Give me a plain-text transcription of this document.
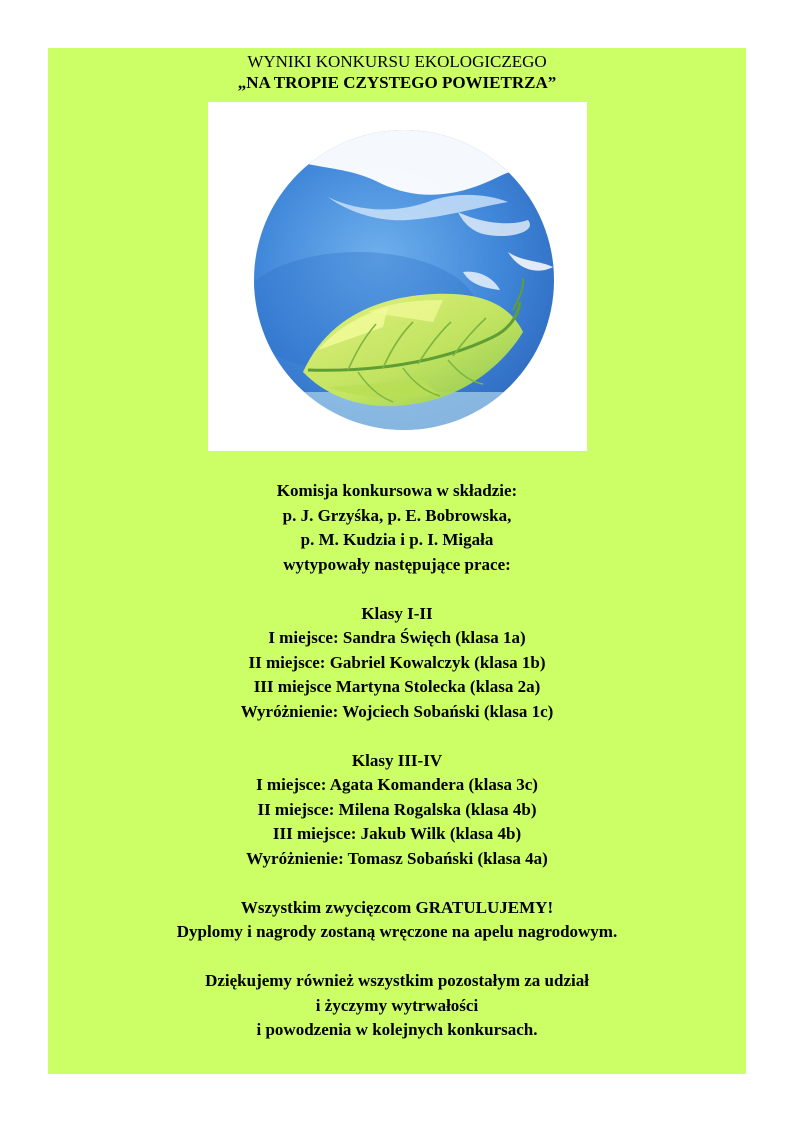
WYNIKI KONKURSU EKOLOGICZEGO
„NA TROPIE CZYSTEGO POWIETRZA”
Komisja konkursowa w składzie:
p. J. Grzyśka, p. E. Bobrowska,
p. M. Kudzia i p. I. Migała
wytypowały następujące prace:
Klasy I-II
I miejsce: Sandra Święch (klasa 1a)
II miejsce: Gabriel Kowalczyk (klasa 1b)
III miejsce Martyna Stolecka (klasa 2a)
Wyróżnienie: Wojciech Sobański (klasa 1c)
Klasy III-IV
I miejsce: Agata Komandera (klasa 3c)
II miejsce: Milena Rogalska (klasa 4b)
III miejsce: Jakub Wilk (klasa 4b)
Wyróżnienie: Tomasz Sobański (klasa 4a)
Wszystkim zwycięzcom GRATULUJEMY!
Dyplomy i nagrody zostaną wręczone na apelu nagrodowym.
Dziękujemy również wszystkim pozostałym za udział
i życzymy wytrwałości
i powodzenia w kolejnych konkursach.
